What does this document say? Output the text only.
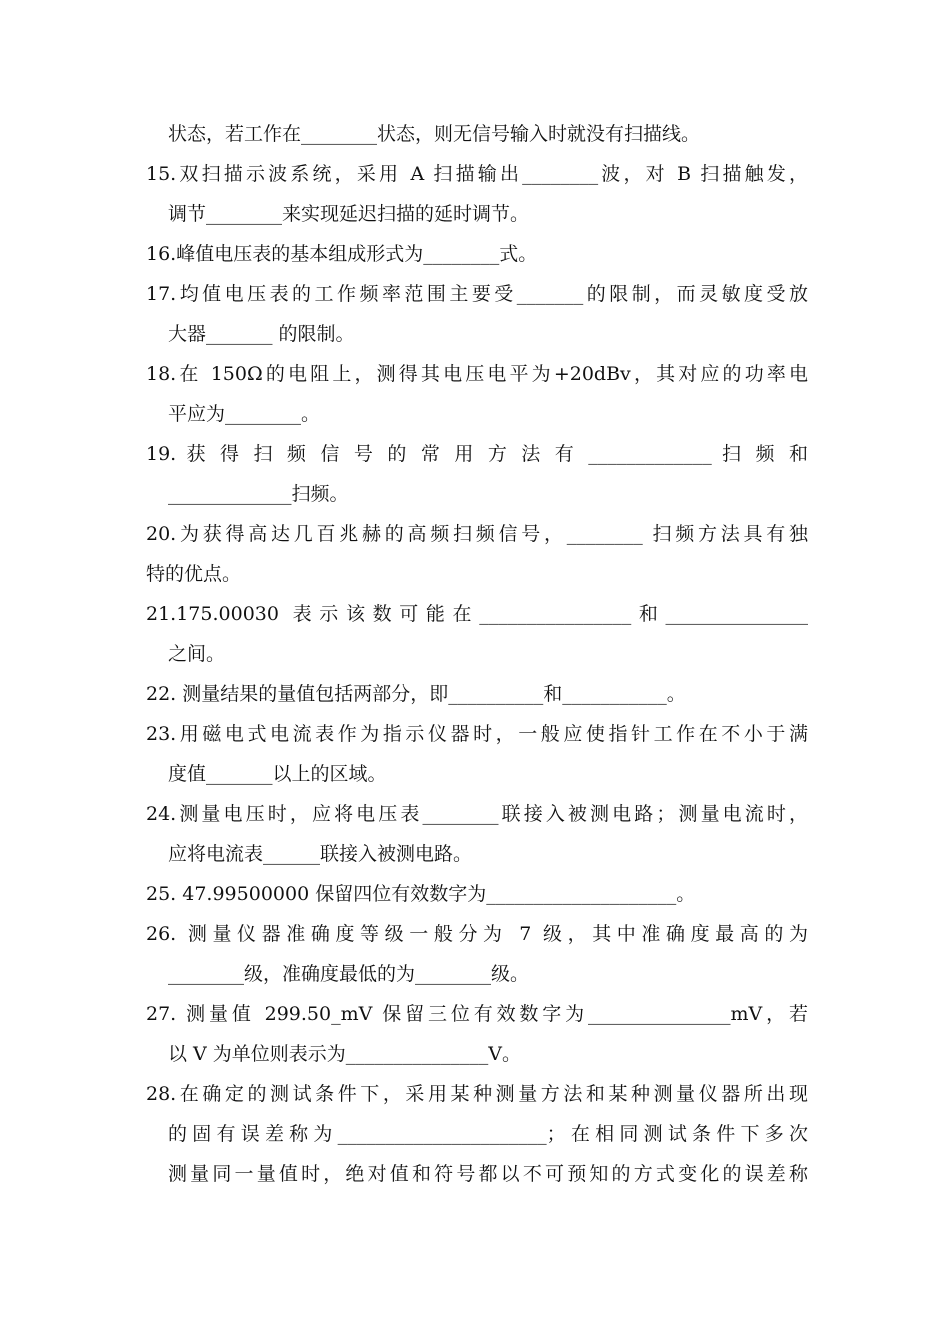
状态，若工作在________状态，则无信号输入时就没有扫描线。
15.双扫描示波系统，采用 A 扫描输出________波，对 B 扫描触发，
调节________来实现延迟扫描的延时调节。
16.峰值电压表的基本组成形式为________式。
17.均值电压表的工作频率范围主要受_______的限制，而灵敏度受放
大器_______ 的限制。
18.在 150Ω的电阻上，测得其电压电平为+20dBv，其对应的功率电
平应为________。
19. 获 得 扫 频 信 号 的 常 用 方 法 有 _____________ 扫 频 和
_____________扫频。
20.为获得高达几百兆赫的高频扫频信号，________ 扫频方法具有独
特的优点。
21.175.00030 表示该数可能在________________和_______________
之间。
22. 测量结果的量值包括两部分，即__________和___________。
23.用磁电式电流表作为指示仪器时，一般应使指针工作在不小于满
度值_______以上的区域。
24.测量电压时，应将电压表________联接入被测电路；测量电流时，
应将电流表______联接入被测电路。
25. 47.99500000 保留四位有效数字为____________________。
26. 测量仪器准确度等级一般分为 7 级，其中准确度最高的为
________级，准确度最低的为________级。
27. 测量值 299.50_mV 保留三位有效数字为_______________mV，若
以 V 为单位则表示为_______________V。
28.在确定的测试条件下，采用某种测量方法和某种测量仪器所出现
的固有误差称为______________________；在相同测试条件下多次
测量同一量值时，绝对值和符号都以不可预知的方式变化的误差称
